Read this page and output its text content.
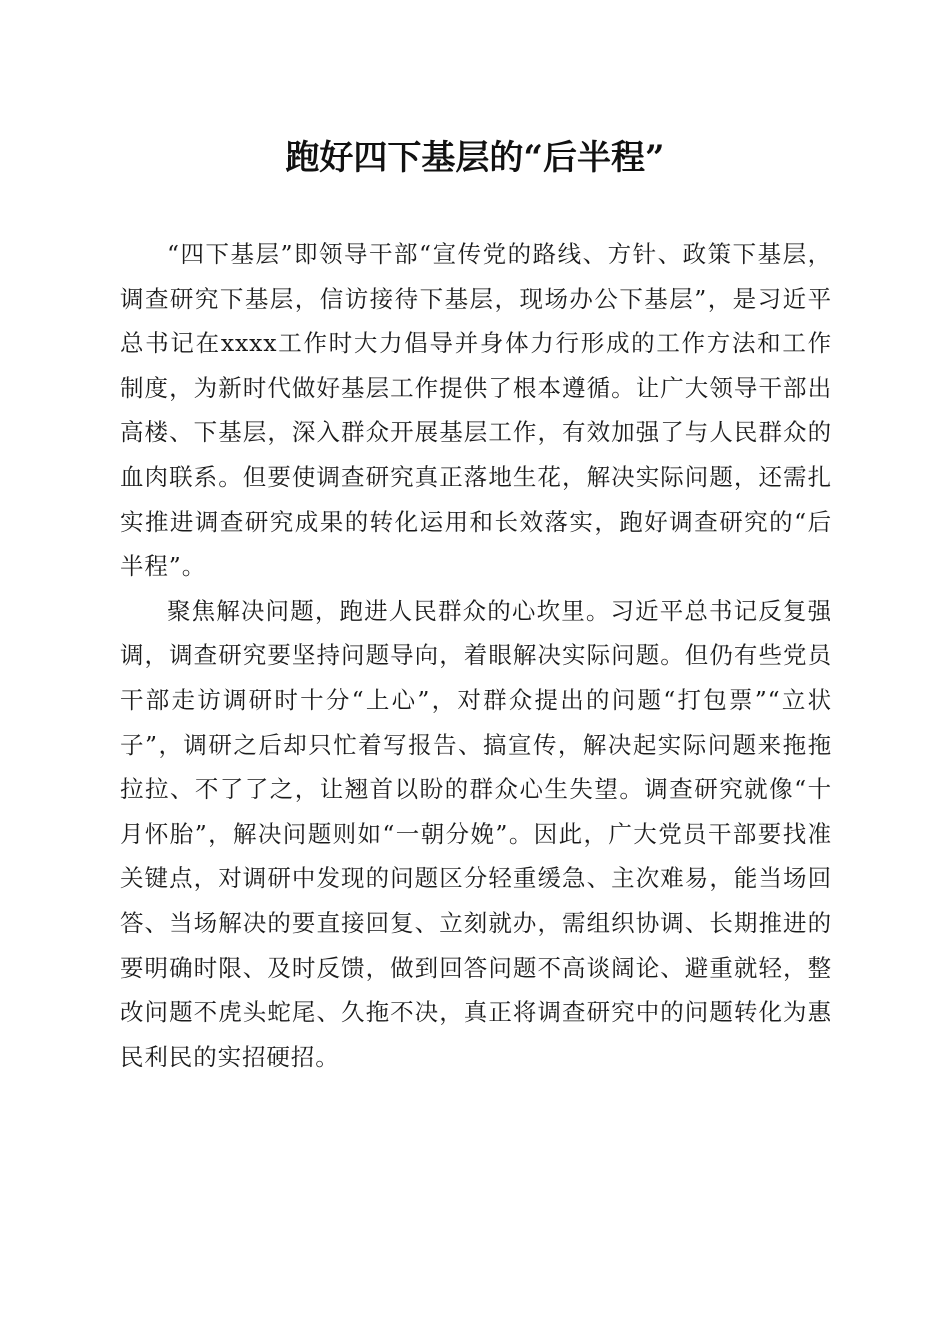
跑好四下基层的“后半程”

“四下基层”即领导干部“宣传党的路线、方针、政策下基层，调查研究下基层，信访接待下基层，现场办公下基层”，是习近平总书记在xxxx工作时大力倡导并身体力行形成的工作方法和工作制度，为新时代做好基层工作提供了根本遵循。让广大领导干部出高楼、下基层，深入群众开展基层工作，有效加强了与人民群众的血肉联系。但要使调查研究真正落地生花，解决实际问题，还需扎实推进调查研究成果的转化运用和长效落实，跑好调查研究的“后半程”。

聚焦解决问题，跑进人民群众的心坎里。习近平总书记反复强调，调查研究要坚持问题导向，着眼解决实际问题。但仍有些党员干部走访调研时十分“上心”，对群众提出的问题“打包票”“立状子”，调研之后却只忙着写报告、搞宣传，解决起实际问题来拖拖拉拉、不了了之，让翘首以盼的群众心生失望。调查研究就像“十月怀胎”，解决问题则如“一朝分娩”。因此，广大党员干部要找准关键点，对调研中发现的问题区分轻重缓急、主次难易，能当场回答、当场解决的要直接回复、立刻就办，需组织协调、长期推进的要明确时限、及时反馈，做到回答问题不高谈阔论、避重就轻，整改问题不虎头蛇尾、久拖不决，真正将调查研究中的问题转化为惠民利民的实招硬招。
